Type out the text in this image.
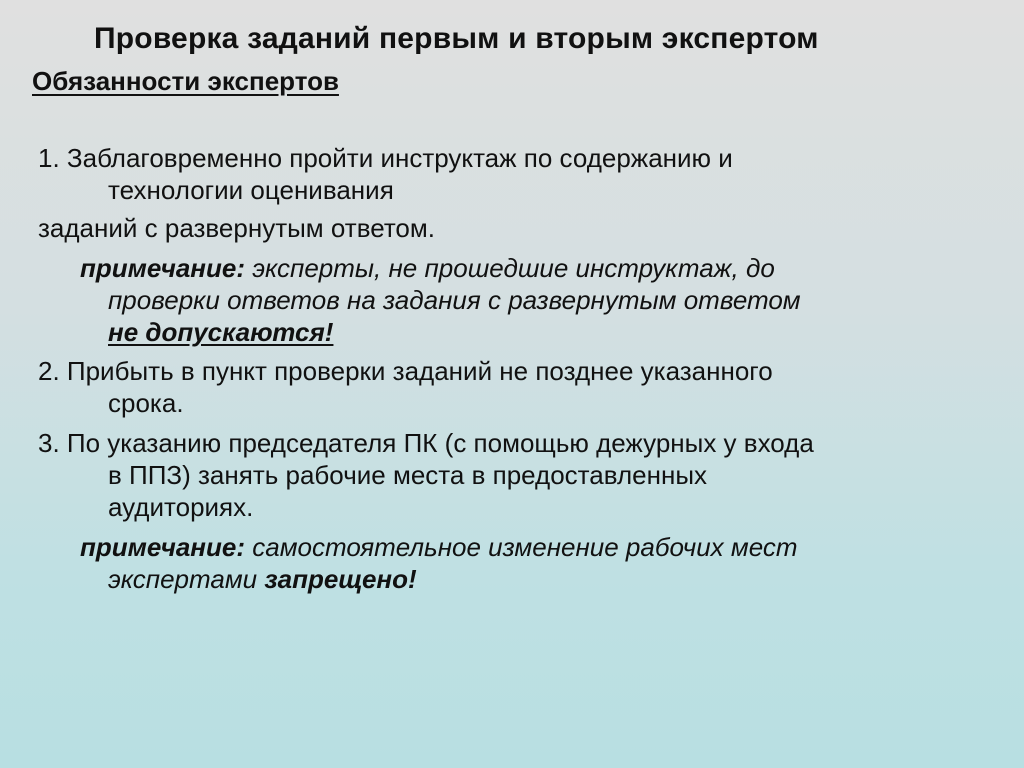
Проверка заданий первым и вторым экспертом
Обязанности экспертов
1. Заблаговременно пройти инструктаж по содержанию и
технологии оценивания
заданий с развернутым ответом.
примечание: эксперты, не прошедшие инструктаж, до
проверки ответов на задания с развернутым ответом
не допускаются!
2. Прибыть в пункт проверки заданий не позднее указанного
срока.
3. По указанию председателя ПК (с помощью дежурных у входа
в ППЗ) занять рабочие места в предоставленных
аудиториях.
примечание: самостоятельное изменение рабочих мест
экспертами запрещено!
